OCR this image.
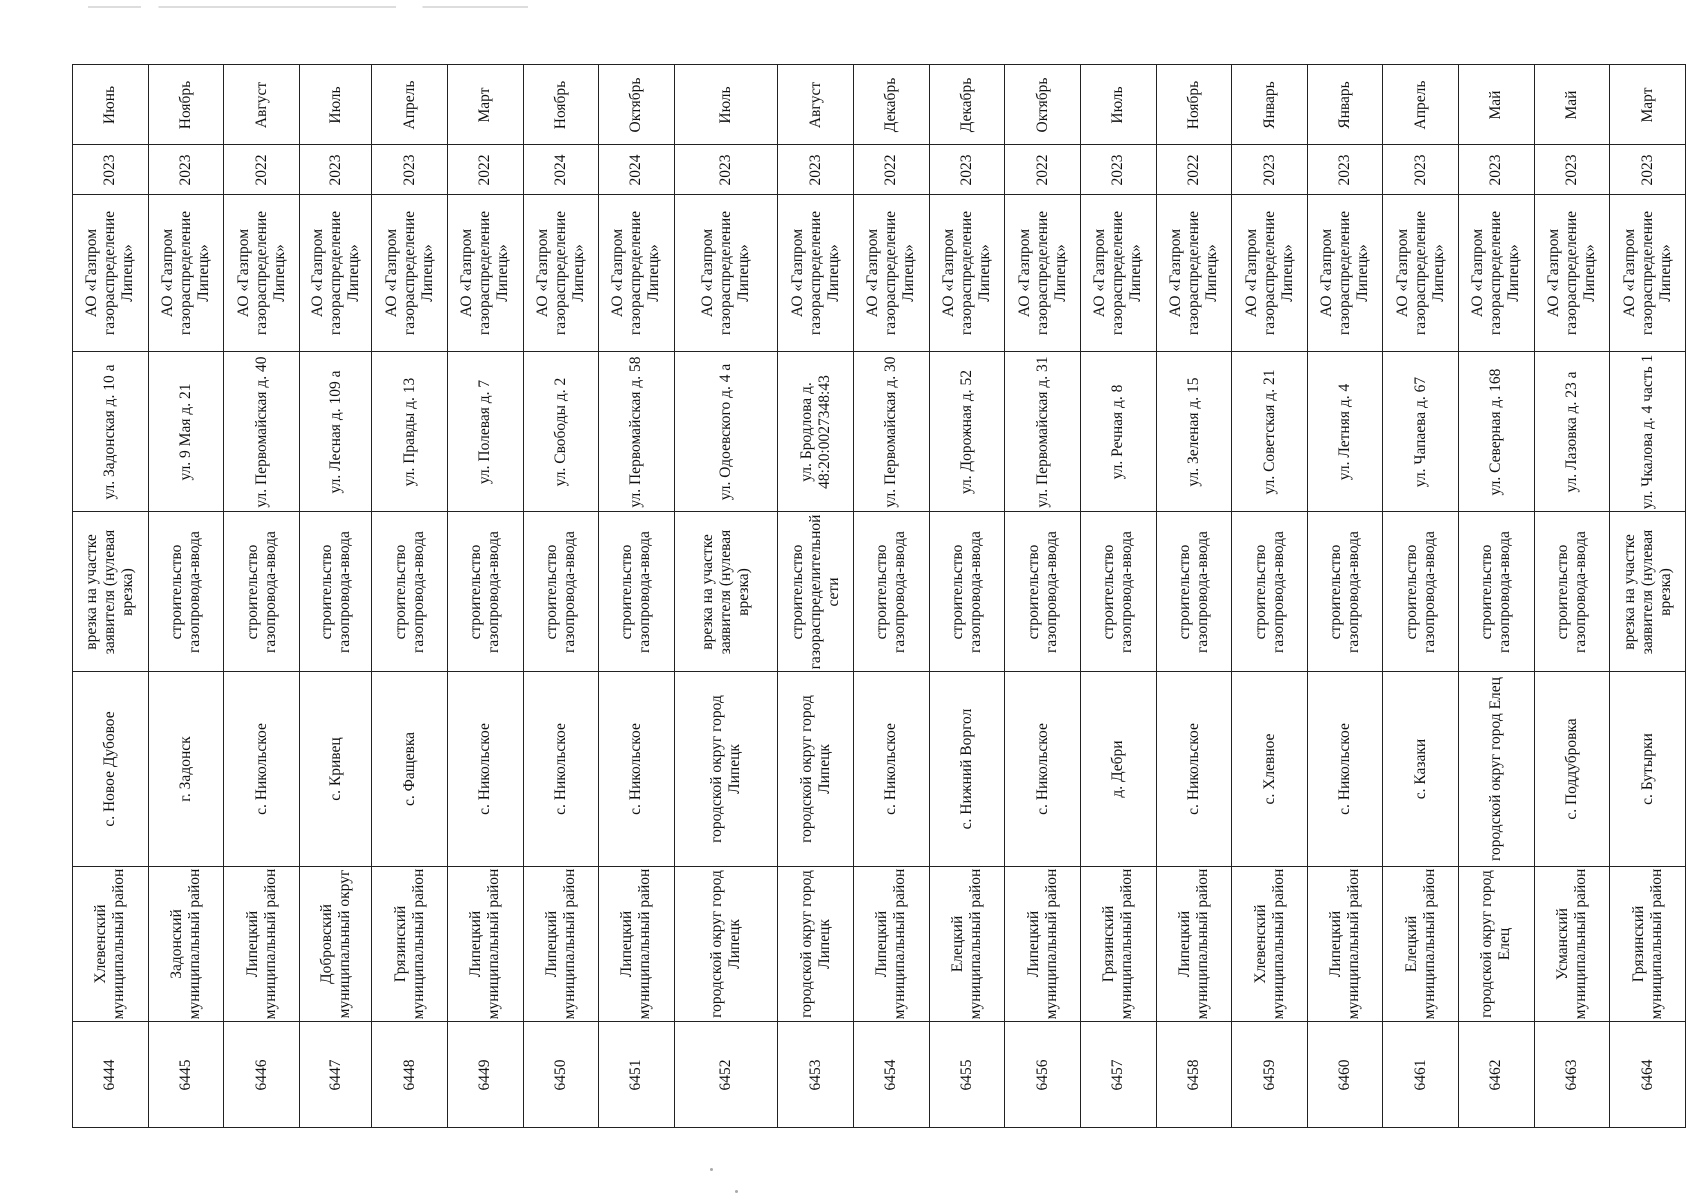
Июнь	Ноябрь	Август	Июль	Апрель	Март	Ноябрь	Октябрь	Июль	Август	Декабрь	Декабрь	Октябрь	Июль	Ноябрь	Январь	Январь	Апрель	Май	Май	Март

2023	2023	2022	2023	2023	2022	2024	2024	2023	2023	2022	2023	2022	2023	2022	2023	2023	2023	2023	2023	2023

АО «Газпром газораспределение Липецк»	АО «Газпром газораспределение Липецк»	АО «Газпром газораспределение Липецк»	АО «Газпром газораспределение Липецк»	АО «Газпром газораспределение Липецк»	АО «Газпром газораспределение Липецк»	АО «Газпром газораспределение Липецк»	АО «Газпром газораспределение Липецк»	АО «Газпром газораспределение Липецк»	АО «Газпром газораспределение Липецк»	АО «Газпром газораспределение Липецк»	АО «Газпром газораспределение Липецк»	АО «Газпром газораспределение Липецк»	АО «Газпром газораспределение Липецк»	АО «Газпром газораспределение Липецк»	АО «Газпром газораспределение Липецк»	АО «Газпром газораспределение Липецк»	АО «Газпром газораспределение Липецк»	АО «Газпром газораспределение Липецк»	АО «Газпром газораспределение Липецк»	АО «Газпром газораспределение Липецк»

ул. Задонская д. 10 а	ул. 9 Мая д. 21	ул. Первомайская д. 40	ул. Лесная д. 109 а	ул. Правды д. 13	ул. Полевая д. 7	ул. Свободы д. 2	ул. Первомайская д. 58	ул. Одоевского д. 4 а	ул. Бродлова д. 48:20:0027348:43	ул. Первомайская д. 30	ул. Дорожная д. 52	ул. Первомайская д. 31	ул. Речная д. 8	ул. Зеленая д. 15	ул. Советская д. 21	ул. Летняя д. 4	ул. Чапаева д. 67	ул. Северная д. 168	ул. Лазовка д. 23 а	ул. Чкалова д. 4 часть 1

врезка на участке заявителя (нулевая врезка)	строительство газопровода-ввода	строительство газопровода-ввода	строительство газопровода-ввода	строительство газопровода-ввода	строительство газопровода-ввода	строительство газопровода-ввода	строительство газопровода-ввода	врезка на участке заявителя (нулевая врезка)	строительство газораспределительной сети	строительство газопровода-ввода	строительство газопровода-ввода	строительство газопровода-ввода	строительство газопровода-ввода	строительство газопровода-ввода	строительство газопровода-ввода	строительство газопровода-ввода	строительство газопровода-ввода	строительство газопровода-ввода	строительство газопровода-ввода	врезка на участке заявителя (нулевая врезка)

с. Новое Дубовое	г. Задонск	с. Никольское	с. Кривец	с. Фащевка	с. Никольское	с. Никольское	с. Никольское	городской округ город Липецк	городской округ город Липецк	с. Никольское	с. Нижний Воргол	с. Никольское	д. Дебри	с. Никольское	с. Хлевное	с. Никольское	с. Казаки	городской округ город Елец	с. Поддубровка	с. Бутырки

Хлевенский муниципальный район	Задонский муниципальный район	Липецкий муниципальный район	Добровский муниципальный округ	Грязинский муниципальный район	Липецкий муниципальный район	Липецкий муниципальный район	Липецкий муниципальный район	городской округ город Липецк	городской округ город Липецк	Липецкий муниципальный район	Елецкий муниципальный район	Липецкий муниципальный район	Грязинский муниципальный район	Липецкий муниципальный район	Хлевенский муниципальный район	Липецкий муниципальный район	Елецкий муниципальный район	городской округ город Елец	Усманский муниципальный район	Грязинский муниципальный район

6444	6445	6446	6447	6448	6449	6450	6451	6452	6453	6454	6455	6456	6457	6458	6459	6460	6461	6462	6463	6464
